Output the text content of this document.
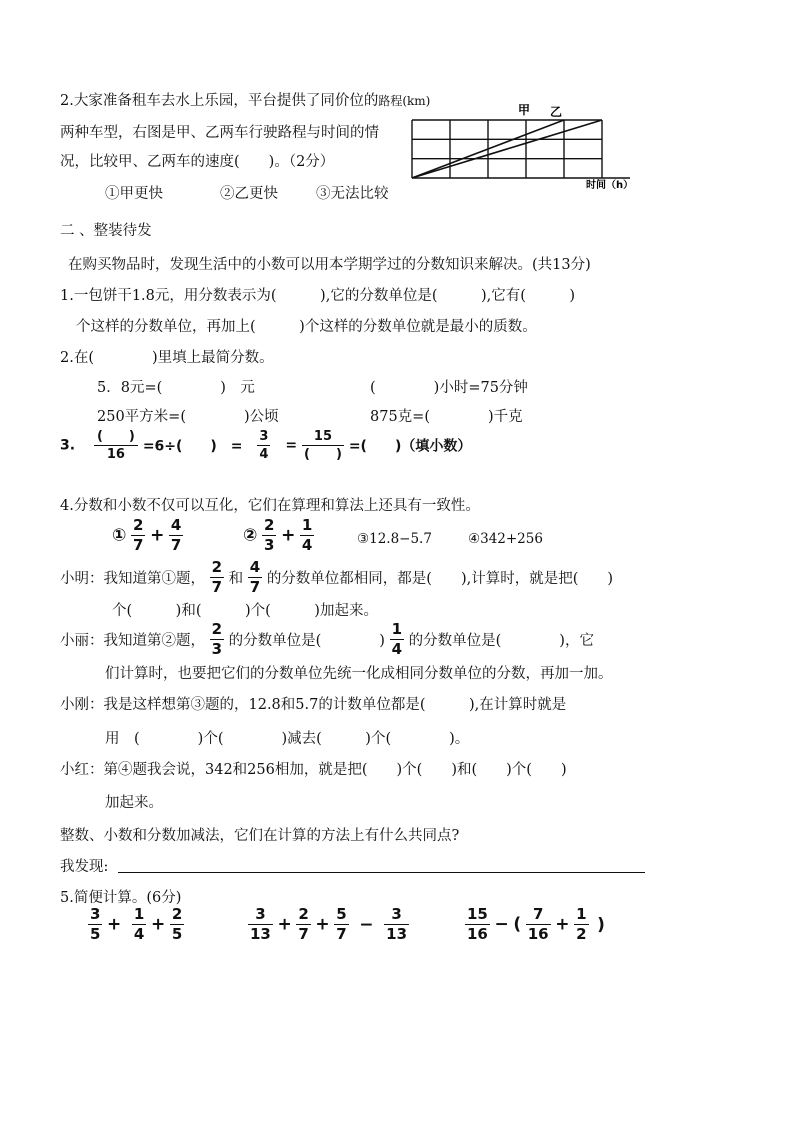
2.大家准备租车去水上乐园，平台提供了同价位的路程(km)
两种车型，右图是甲、乙两车行驶路程与时间的情
况，比较甲、乙两车的速度(　　)。（2分）
①甲更快	②乙更快	③无法比较
甲 乙
时间（h）
二 、整装待发
在购买物品时，发现生活中的小数可以用本学期学过的分数知识来解决。(共13分)
1.一包饼干1.8元，用分数表示为(　　　),它的分数单位是(　　　),它有(　　　)
个这样的分数单位，再加上(　　　)个这样的分数单位就是最小的质数。
2.在(　　　　)里填上最简分数。
5．8元=(　　　　)　元	(　　　　)小时=75分钟
250平方米=(　　　　)公顷	875克=(　　　　)千克
3. $\frac{( )}{16} =6\div$(　　)　= $\frac{3}{4} = \frac{15}{( )}$ =(　　)（填小数）
4.分数和小数不仅可以互化，它们在算理和算法上还具有一致性。
① $\frac{2}{7} + \frac{4}{7}$	② $\frac{2}{3} + \frac{1}{4}$	③12.8−5.7	④342+256
小明：我知道第①题， $\frac{2}{7}$ 和 $\frac{4}{7}$ 的分数单位都相同，都是(　　),计算时，就是把(　　)
个(　　　)和(　　　)个(　　　)加起来。
小丽：我知道第②题， $\frac{2}{3}$ 的分数单位是(　　　　) $\frac{1}{4}$ 的分数单位是(　　　　)，它
们计算时，也要把它们的分数单位先统一化成相同分数单位的分数，再加一加。
小刚：我是这样想第③题的，12.8和5.7的计数单位都是(　　　),在计算时就是
用　(　　　　)个(　　　　)减去(　　　)个(　　　　)。
小红：第④题我会说，342和256相加，就是把(　　)个(　　)和(　　)个(　　)
加起来。
整数、小数和分数加减法，它们在计算的方法上有什么共同点?
我发现:
5.简便计算。(6分)
$\frac{3}{5} + \frac{1}{4} + \frac{2}{5}$	$\frac{3}{13} + \frac{2}{7} + \frac{5}{7} - \frac{3}{13}$	$\frac{15}{16}$ − ( $\frac{7}{16} + \frac{1}{2}$ )
